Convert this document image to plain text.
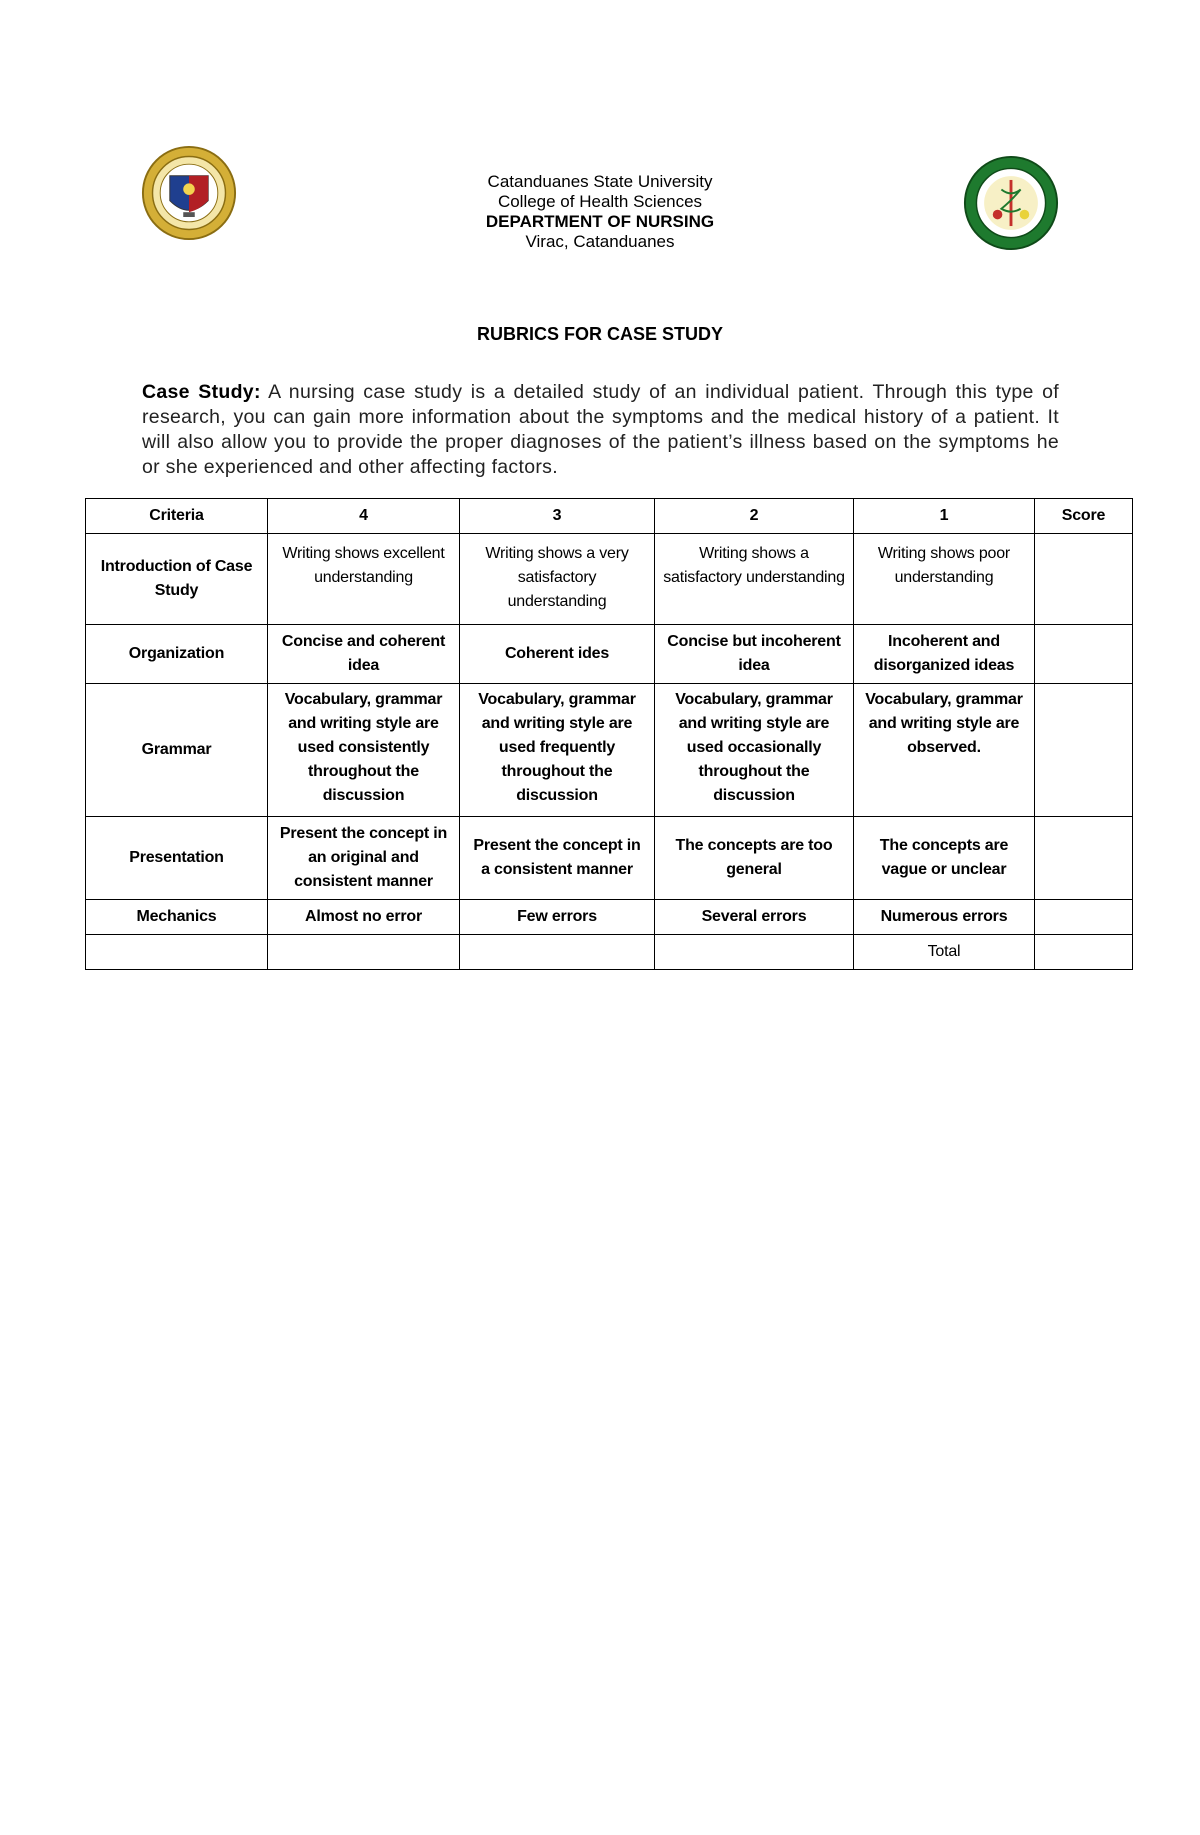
Catanduanes State University
College of Health Sciences
DEPARTMENT OF NURSING
Virac, Catanduanes
RUBRICS FOR CASE STUDY
Case Study: A nursing case study is a detailed study of an individual patient. Through this type of research, you can gain more information about the symptoms and the medical history of a patient. It will also allow you to provide the proper diagnoses of the patient’s illness based on the symptoms he or she experienced and other affecting factors.
Criteria	4	3	2	1	Score
Introduction of Case Study	Writing shows excellent understanding	Writing shows a very satisfactory understanding	Writing shows a satisfactory understanding	Writing shows poor understanding	
Organization	Concise and coherent idea	Coherent ides	Concise but incoherent idea	Incoherent and disorganized ideas	
Grammar	Vocabulary, grammar and writing style are used consistently throughout the discussion	Vocabulary, grammar and writing style are used frequently throughout the discussion	Vocabulary, grammar and writing style are used occasionally throughout the discussion	Vocabulary, grammar and writing style are observed.	
Presentation	Present the concept in an original and consistent manner	Present the concept in a consistent manner	The concepts are too general	The concepts are vague or unclear	
Mechanics	Almost no error	Few errors	Several errors	Numerous errors	
				Total	
